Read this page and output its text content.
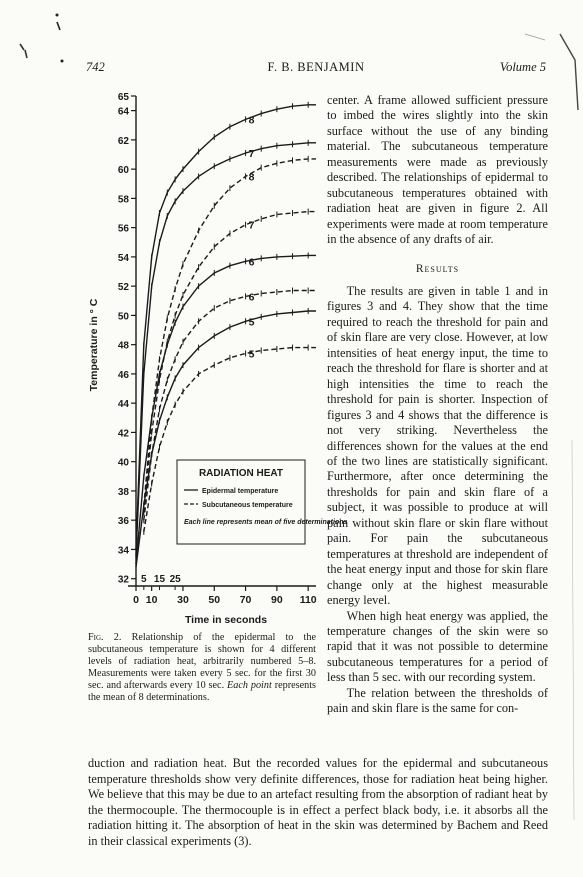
742	F. B. BENJAMIN	Volume 5
Temperature in ° C
Time in seconds
32
34
36
38
40
42
44
46
48
50
52
54
56
58
60
62
64
65
0 10 30 50 70 90 110
5 15 25
8
8
7
7
6
6
5
5
RADIATION HEAT
Epidermal temperature
Subcutaneous temperature
Each line represents mean of five determinations
Fig. 2. Relationship of the epidermal to the subcutaneous temperature is shown for 4 different levels of radiation heat, arbitrarily numbered 5–8. Measurements were taken every 5 sec. for the first 30 sec. and afterwards every 10 sec. Each point represents the mean of 8 determinations.

center. A frame allowed sufficient pressure to imbed the wires slightly into the skin surface without the use of any binding material. The subcutaneous temperature measurements were made as previously described. The relationships of epidermal to subcutaneous temperatures obtained with radiation heat are given in figure 2. All experiments were made at room temperature in the absence of any drafts of air.

Results

The results are given in table 1 and in figures 3 and 4. They show that the time required to reach the threshold for pain and of skin flare are very close. However, at low intensities of heat energy input, the time to reach the threshold for flare is shorter and at high intensities the time to reach the threshold for pain is shorter. Inspection of figures 3 and 4 shows that the difference is not very striking. Nevertheless the differences shown for the values at the end of the two lines are statistically significant. Furthermore, after once determining the thresholds for pain and skin flare of a subject, it was possible to produce at will pain without skin flare or skin flare without pain. For pain the subcutaneous temperatures at threshold are independent of the heat energy input and those for skin flare change only at the highest measurable energy level.

When high heat energy was applied, the temperature changes of the skin were so rapid that it was not possible to determine subcutaneous temperatures for a period of less than 5 sec. with our recording system.

The relation between the thresholds of pain and skin flare is the same for con-

duction and radiation heat. But the recorded values for the epidermal and subcutaneous temperature thresholds show very definite differences, those for radiation heat being higher. We believe that this may be due to an artefact resulting from the absorption of radiant heat by the thermocouple. The thermocouple is in effect a perfect black body, i.e. it absorbs all the radiation hitting it. The absorption of heat in the skin was determined by Bachem and Reed in their classical experiments (3).
